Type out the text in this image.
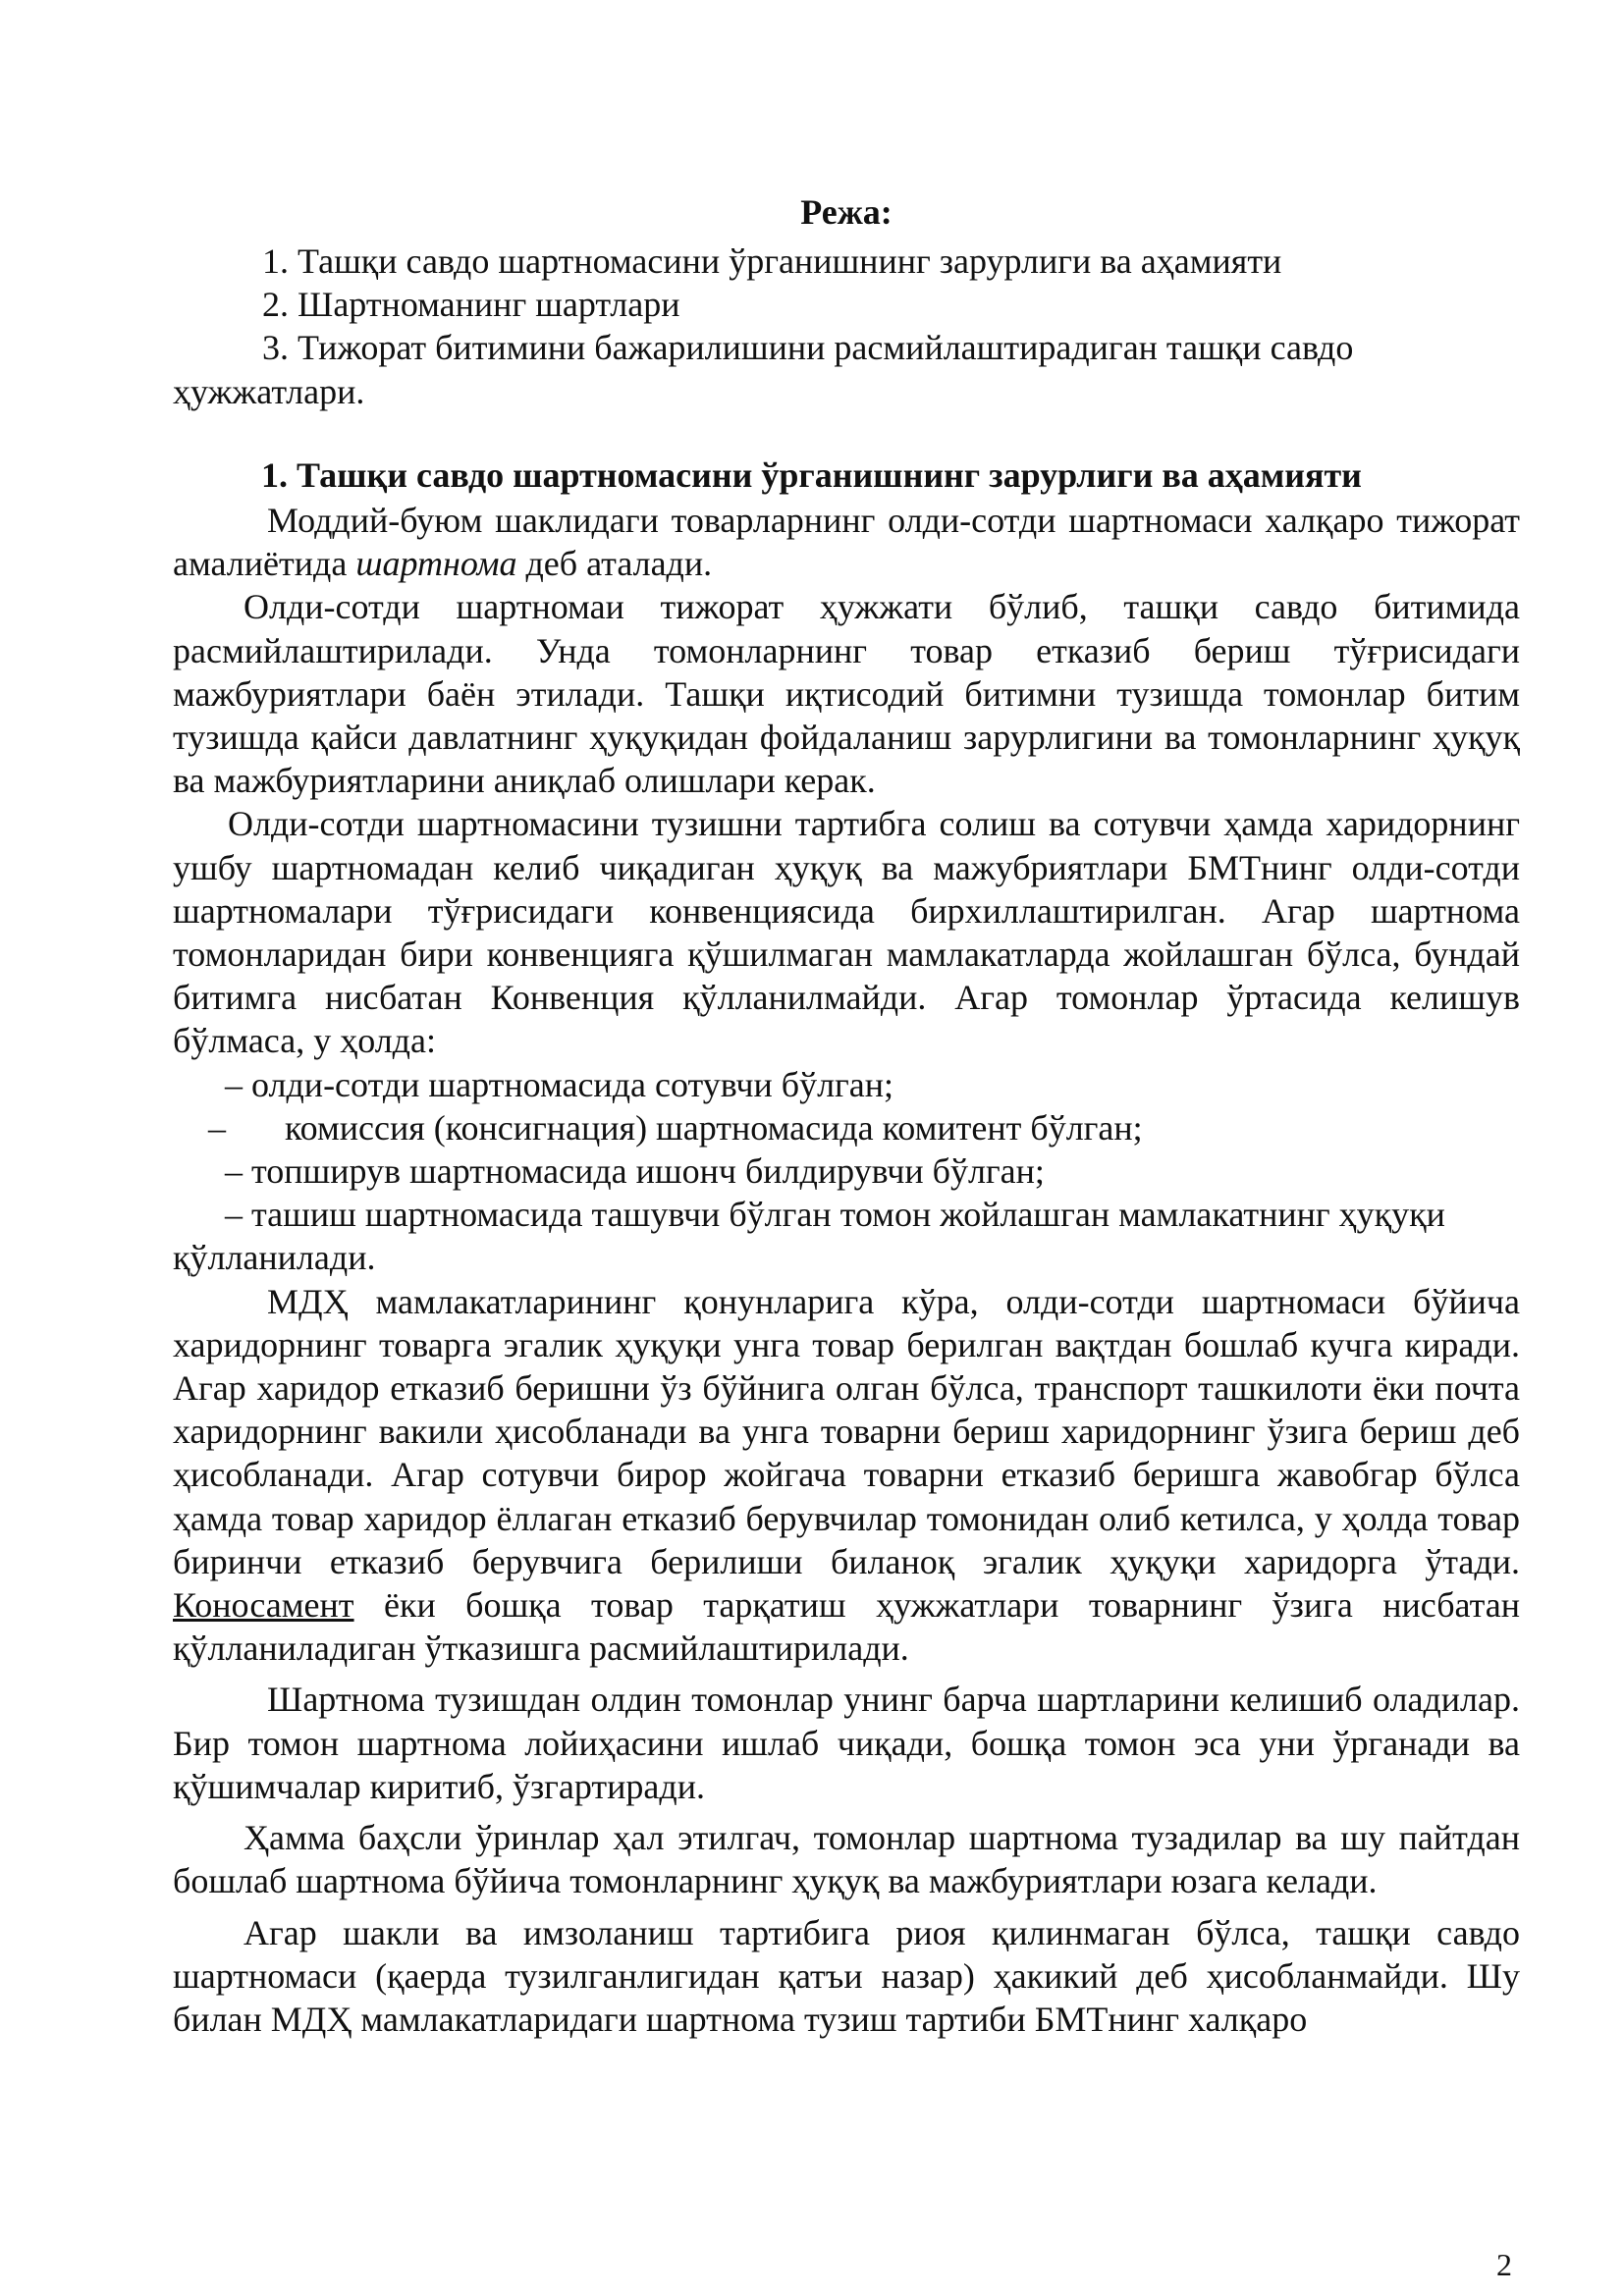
Режа:

1. Ташқи савдо шартномасини ўрганишнинг зарурлиги ва аҳамияти
2. Шартноманинг шартлари
3. Тижорат битимини бажарилишини расмийлаштирадиган ташқи савдо ҳужжатлари.

1. Ташқи савдо шартномасини ўрганишнинг зарурлиги ва аҳамияти

Моддий-буюм шаклидаги товарларнинг олди-сотди шартномаси халқаро тижорат амалиётида шартнома деб аталади.

Олди-сотди шартномаи тижорат ҳужжати бўлиб, ташқи савдо битимида расмийлаштирилади. Унда томонларнинг товар етказиб бериш тўғрисидаги мажбуриятлари баён этилади. Ташқи иқтисодий битимни тузишда томонлар битим тузишда қайси давлатнинг ҳуқуқидан фойдаланиш зарурлигини ва томонларнинг ҳуқуқ ва мажбуриятларини аниқлаб олишлари керак.

Олди-сотди шартномасини тузишни тартибга солиш ва сотувчи ҳамда харидорнинг ушбу шартномадан келиб чиқадиган ҳуқуқ ва мажубриятлари БМТнинг олди-сотди шартномалари тўғрисидаги конвенциясида бирхиллаштирилган. Агар шартнома томонларидан бири конвенцияга қўшилмаган мамлакатларда жойлашган бўлса, бундай битимга нисбатан Конвенция қўлланилмайди. Агар томонлар ўртасида келишув бўлмаса, у ҳолда:

– олди-сотди шартномасида сотувчи бўлган;

– комиссия (консигнация) шартномасида комитент бўлган;

– топширув шартномасида ишонч билдирувчи бўлган;

– ташиш шартномасида ташувчи бўлган томон жойлашган мамлакатнинг ҳуқуқи қўлланилади.

МДҲ мамлакатларининг қонунларига кўра, олди-сотди шартномаси бўйича харидорнинг товарга эгалик ҳуқуқи унга товар берилган вақтдан бошлаб кучга киради. Агар харидор етказиб беришни ўз бўйнига олган бўлса, транспорт ташкилоти ёки почта харидорнинг вакили ҳисобланади ва унга товарни бериш харидорнинг ўзига бериш деб ҳисобланади. Агар сотувчи бирор жойгача товарни етказиб беришга жавобгар бўлса ҳамда товар харидор ёллаган етказиб берувчилар томонидан олиб кетилса, у ҳолда товар биринчи етказиб берувчига берилиши биланоқ эгалик ҳуқуқи харидорга ўтади. Коносамент ёки бошқа товар тарқатиш ҳужжатлари товарнинг ўзига нисбатан қўлланиладиган ўтказишга расмийлаштирилади.

Шартнома тузишдан олдин томонлар унинг барча шартларини келишиб оладилар. Бир томон шартнома лойиҳасини ишлаб чиқади, бошқа томон эса уни ўрганади ва қўшимчалар киритиб, ўзгартиради.

Ҳамма баҳсли ўринлар ҳал этилгач, томонлар шартнома тузадилар ва шу пайтдан бошлаб шартнома бўйича томонларнинг ҳуқуқ ва мажбуриятлари юзага келади.

Агар шакли ва имзоланиш тартибига риоя қилинмаган бўлса, ташқи савдо шартномаси (қаерда тузилганлигидан қатъи назар) ҳакикий деб ҳисобланмайди. Шу билан МДҲ мамлакатларидаги шартнома тузиш тартиби БМТнинг халқаро

2
